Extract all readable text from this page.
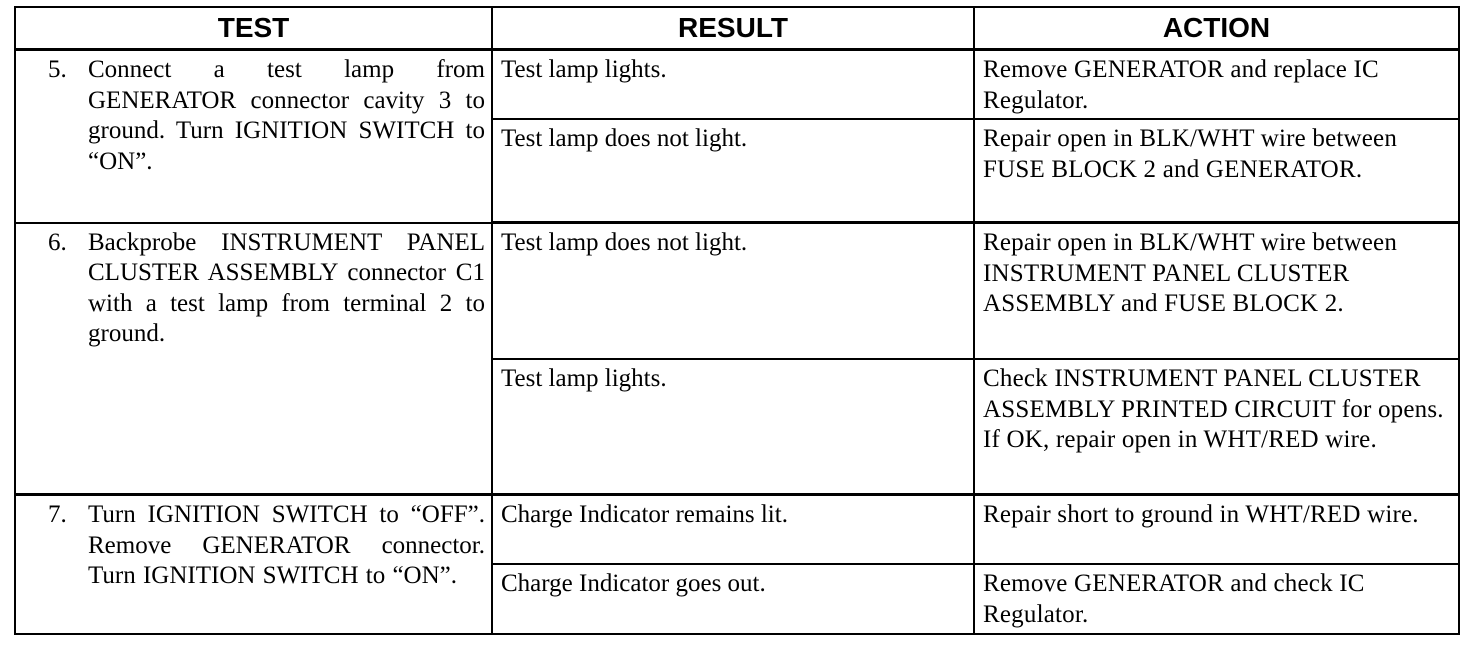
TEST	RESULT	ACTION

5. Connect a test lamp from GENERATOR connector cavity 3 to ground. Turn IGNITION SWITCH to “ON”.	Test lamp lights.	Remove GENERATOR and replace IC Regulator.
	Test lamp does not light.	Repair open in BLK/WHT wire between FUSE BLOCK 2 and GENERATOR.

6. Backprobe INSTRUMENT PANEL CLUSTER ASSEMBLY connector C1 with a test lamp from terminal 2 to ground.	Test lamp does not light.	Repair open in BLK/WHT wire between INSTRUMENT PANEL CLUSTER ASSEMBLY and FUSE BLOCK 2.
	Test lamp lights.	Check INSTRUMENT PANEL CLUSTER ASSEMBLY PRINTED CIRCUIT for opens. If OK, repair open in WHT/RED wire.

7. Turn IGNITION SWITCH to “OFF”. Remove GENERATOR connector. Turn IGNITION SWITCH to “ON”.	Charge Indicator remains lit.	Repair short to ground in WHT/RED wire.
	Charge Indicator goes out.	Remove GENERATOR and check IC Regulator.
